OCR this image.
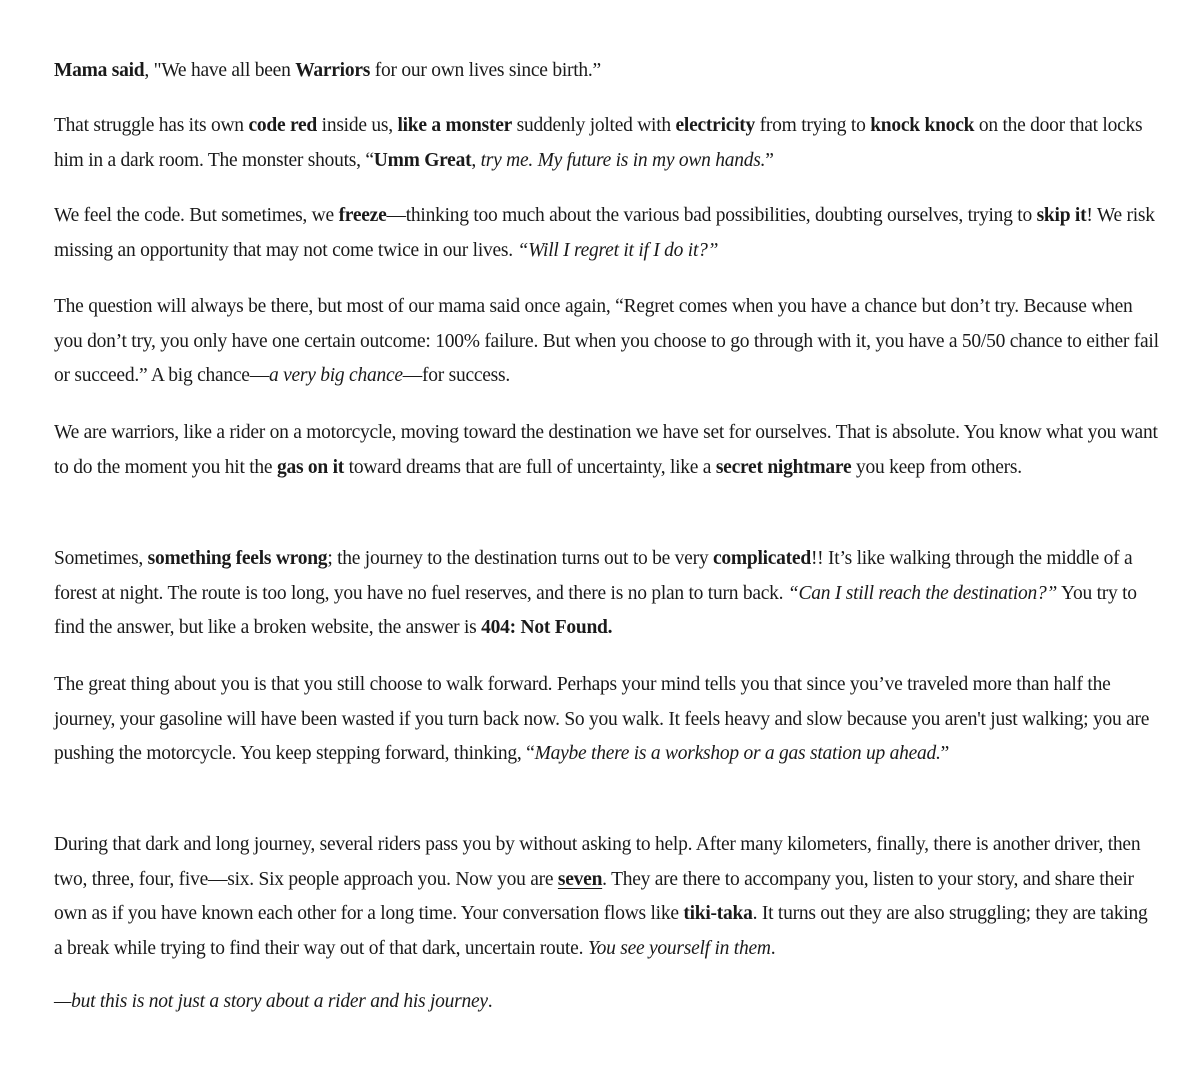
Mama said, "We have all been Warriors for our own lives since birth.”

That struggle has its own code red inside us, like a monster suddenly jolted with electricity from trying to knock knock on the door that locks him in a dark room. The monster shouts, “Umm Great, try me. My future is in my own hands.”

We feel the code. But sometimes, we freeze—thinking too much about the various bad possibilities, doubting ourselves, trying to skip it! We risk missing an opportunity that may not come twice in our lives. “Will I regret it if I do it?”

The question will always be there, but most of our mama said once again, “Regret comes when you have a chance but don’t try. Because when you don’t try, you only have one certain outcome: 100% failure. But when you choose to go through with it, you have a 50/50 chance to either fail or succeed.” A big chance—a very big chance—for success.

We are warriors, like a rider on a motorcycle, moving toward the destination we have set for ourselves. That is absolute. You know what you want to do the moment you hit the gas on it toward dreams that are full of uncertainty, like a secret nightmare you keep from others.

Sometimes, something feels wrong; the journey to the destination turns out to be very complicated!! It’s like walking through the middle of a forest at night. The route is too long, you have no fuel reserves, and there is no plan to turn back. “Can I still reach the destination?” You try to find the answer, but like a broken website, the answer is 404: Not Found.

The great thing about you is that you still choose to walk forward. Perhaps your mind tells you that since you’ve traveled more than half the journey, your gasoline will have been wasted if you turn back now. So you walk. It feels heavy and slow because you aren't just walking; you are pushing the motorcycle. You keep stepping forward, thinking, “Maybe there is a workshop or a gas station up ahead.”

During that dark and long journey, several riders pass you by without asking to help. After many kilometers, finally, there is another driver, then two, three, four, five—six. Six people approach you. Now you are seven. They are there to accompany you, listen to your story, and share their own as if you have known each other for a long time. Your conversation flows like tiki-taka. It turns out they are also struggling; they are taking a break while trying to find their way out of that dark, uncertain route. You see yourself in them.

—but this is not just a story about a rider and his journey.
